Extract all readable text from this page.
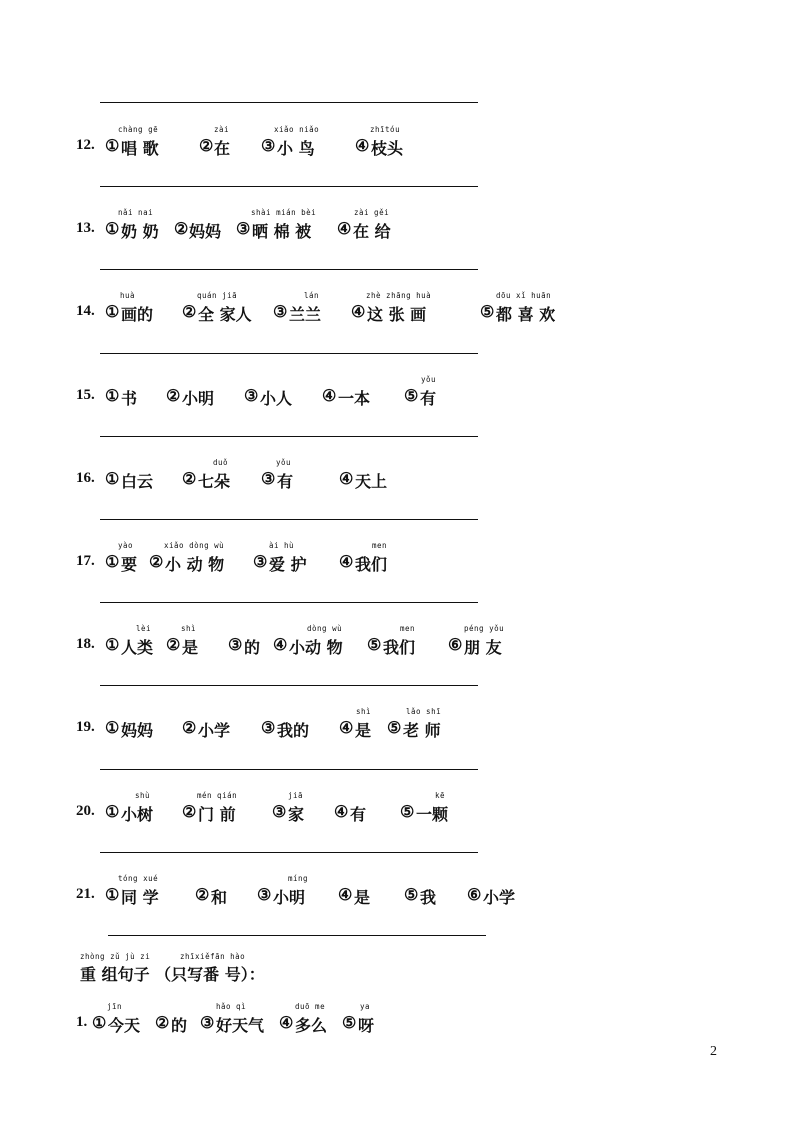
12.
chàng gē
① 唱 歌
zài
② 在
xiǎo niǎo
③ 小 鸟
zhītóu
④ 枝头
13.
nǎi nai
① 奶 奶 ② 妈妈
shài mián bèi
③ 晒 棉 被
zài gěi
④ 在 给
14.
huà
① 画的
quán jiā
② 全 家人
lán
③ 兰兰
zhè zhāng huà
④ 这 张 画
dōu xǐ huān
⑤ 都 喜 欢
15. ① 书 ② 小明 ③ 小人 ④ 一本
yǒu
⑤ 有
16. ① 白云
duǒ
② 七朵
yǒu
③ 有	④ 天上
17.
yào
① 要
xiǎo dòng wù
② 小 动 物
ài hù
③ 爱 护
men
④ 我们
18.
lèi
① 人类
shì
② 是 ③ 的
dòng wù
④ 小动 物
men
⑤ 我们
péng yǒu
⑥ 朋 友
19. ① 妈妈 ② 小学 ③ 我的
shì
④ 是
lǎo shī
⑤ 老 师
20.
shù
① 小树
mén qián
② 门 前
jiā
③ 家 ④ 有
kē
⑤ 一颗
21.
tóng xué
① 同 学 ② 和
míng
③ 小明 ④ 是 ⑤ 我 ⑥ 小学
zhòng zǔ jù zi	zhīxiěfān hào
重 组句子 （只写番 号）：
1.
jīn
① 今天 ② 的
hǎo qì
③ 好天气
duō me
④ 多么
ya
⑤ 呀
2
